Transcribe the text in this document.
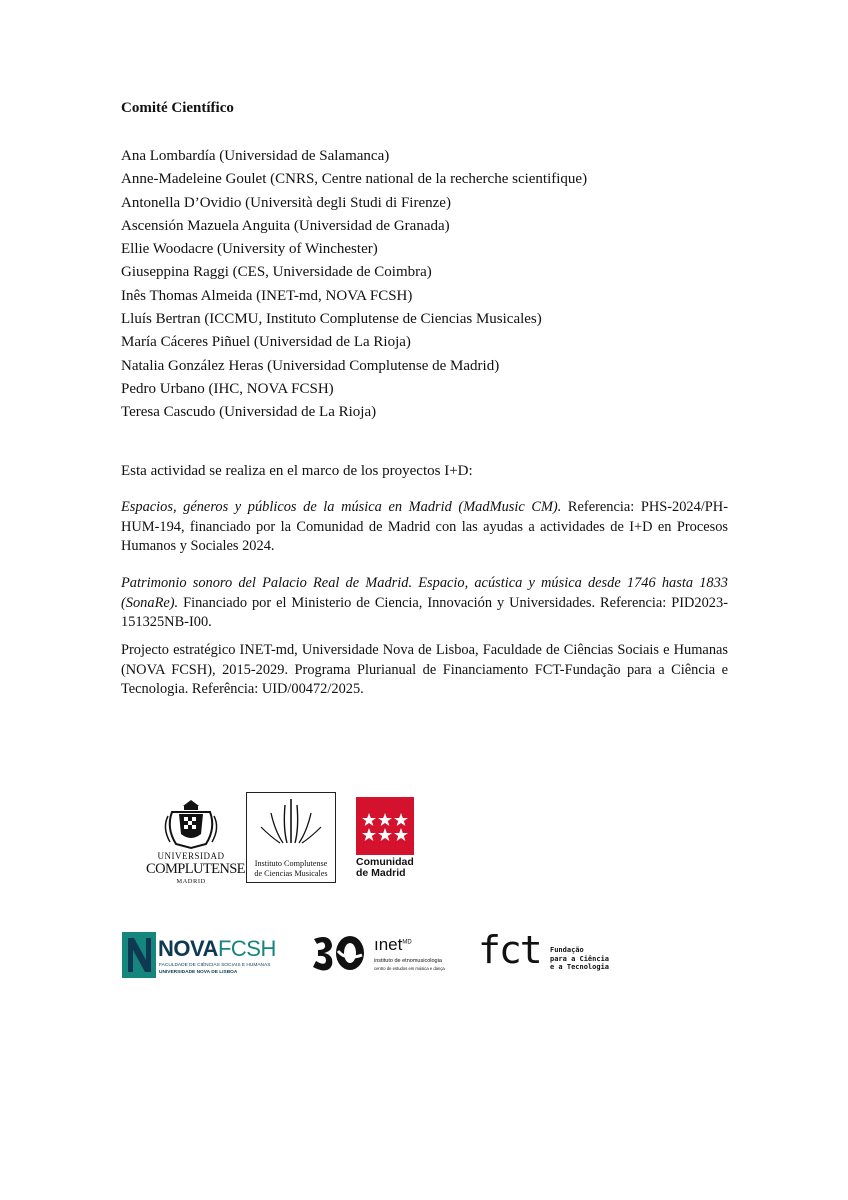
Comité Científico
Ana Lombardía (Universidad de Salamanca)
Anne-Madeleine Goulet (CNRS, Centre national de la recherche scientifique)
Antonella D’Ovidio (Università degli Studi di Firenze)
Ascensión Mazuela Anguita (Universidad de Granada)
Ellie Woodacre (University of Winchester)
Giuseppina Raggi (CES, Universidade de Coimbra)
Inês Thomas Almeida (INET-md, NOVA FCSH)
Lluís Bertran (ICCMU, Instituto Complutense de Ciencias Musicales)
María Cáceres Piñuel (Universidad de La Rioja)
Natalia González Heras (Universidad Complutense de Madrid)
Pedro Urbano (IHC, NOVA FCSH)
Teresa Cascudo (Universidad de La Rioja)
Esta actividad se realiza en el marco de los proyectos I+D:

Espacios, géneros y públicos de la música en Madrid (MadMusic CM). Referencia: PHS-2024/PH-HUM-194, financiado por la Comunidad de Madrid con las ayudas a actividades de I+D en Procesos Humanos y Sociales 2024.

Patrimonio sonoro del Palacio Real de Madrid. Espacio, acústica y música desde 1746 hasta 1833 (SonaRe). Financiado por el Ministerio de Ciencia, Innovación y Universidades. Referencia: PID2023-151325NB-I00.

Projecto estratégico INET-md, Universidade Nova de Lisboa, Faculdade de Ciências Sociais e Humanas (NOVA FCSH), 2015-2029. Programa Plurianual de Financiamento FCT-Fundação para a Ciência e Tecnologia. Referência: UID/00472/2025.

UNIVERSIDAD
COMPLUTENSE
MADRID
Instituto Complutense
de Ciencias Musicales
Comunidad
de Madrid
NOVAFCSH
FACULDADE DE CIÊNCIAS SOCIAIS E HUMANAS
UNIVERSIDADE NOVA DE LISBOA
ınet$^{MD}$
instituto de etnomusicologia
centro de estudos em música e dança fct Fundação
para a Ciência
e a Tecnologia
